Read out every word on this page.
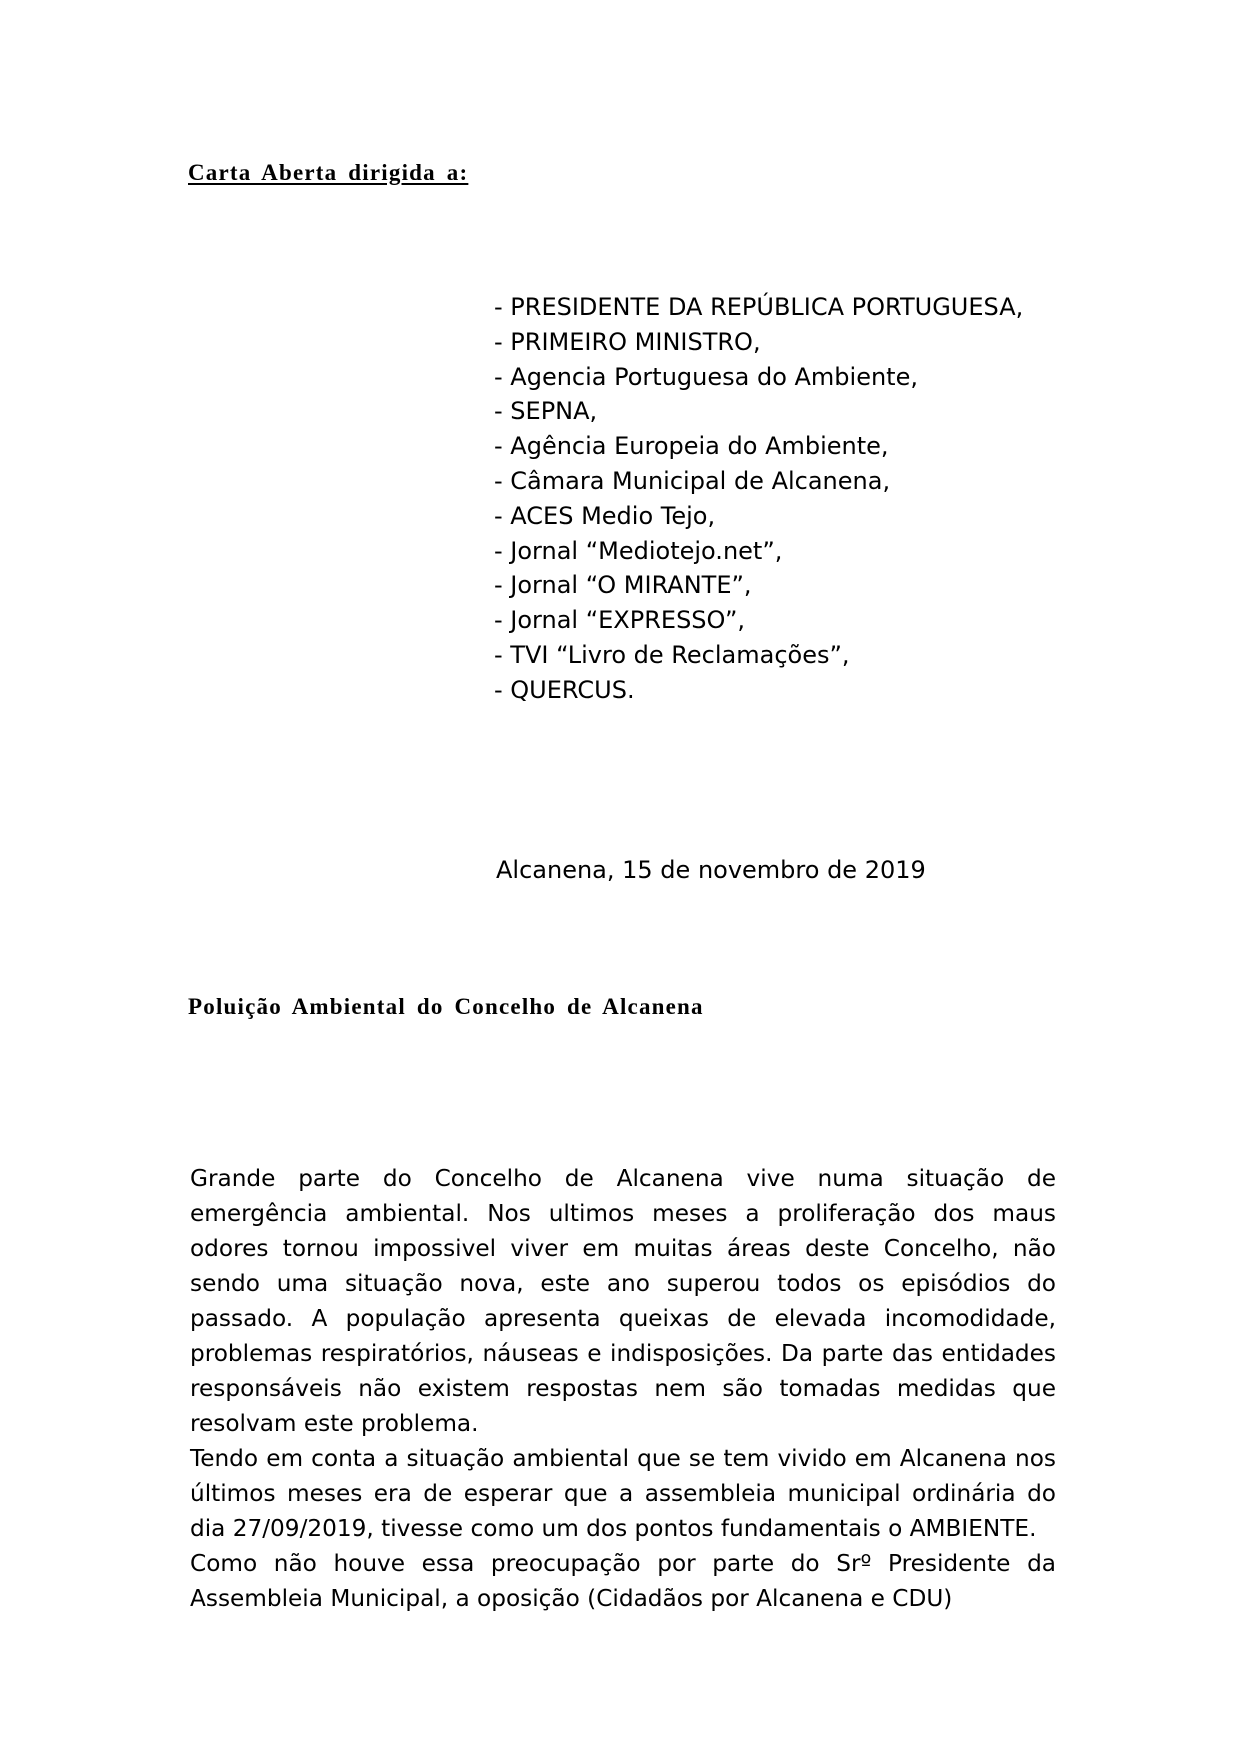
Carta Aberta dirigida a:
- PRESIDENTE DA REPÚBLICA PORTUGUESA,
- PRIMEIRO MINISTRO,
- Agencia Portuguesa do Ambiente,
- SEPNA,
- Agência Europeia do Ambiente,
- Câmara Municipal de Alcanena,
- ACES Medio Tejo,
- Jornal “Mediotejo.net”,
- Jornal “O MIRANTE”,
- Jornal “EXPRESSO”,
- TVI “Livro de Reclamações”,
- QUERCUS.
Alcanena, 15 de novembro de 2019
Poluição Ambiental do Concelho de Alcanena

Grande parte do Concelho de Alcanena vive numa situação de emergência ambiental. Nos ultimos meses a proliferação dos maus odores tornou impossivel viver em muitas áreas deste Concelho, não sendo uma situação nova, este ano superou todos os episódios do passado. A população apresenta queixas de elevada incomodidade, problemas respiratórios, náuseas e indisposições. Da parte das entidades responsáveis não existem respostas nem são tomadas medidas que resolvam este problema.

Tendo em conta a situação ambiental que se tem vivido em Alcanena nos últimos meses era de esperar que a assembleia municipal ordinária do dia 27/09/2019, tivesse como um dos pontos fundamentais o AMBIENTE.

Como não houve essa preocupação por parte do Srº Presidente da Assembleia Municipal, a oposição (Cidadãos por Alcanena e CDU)
